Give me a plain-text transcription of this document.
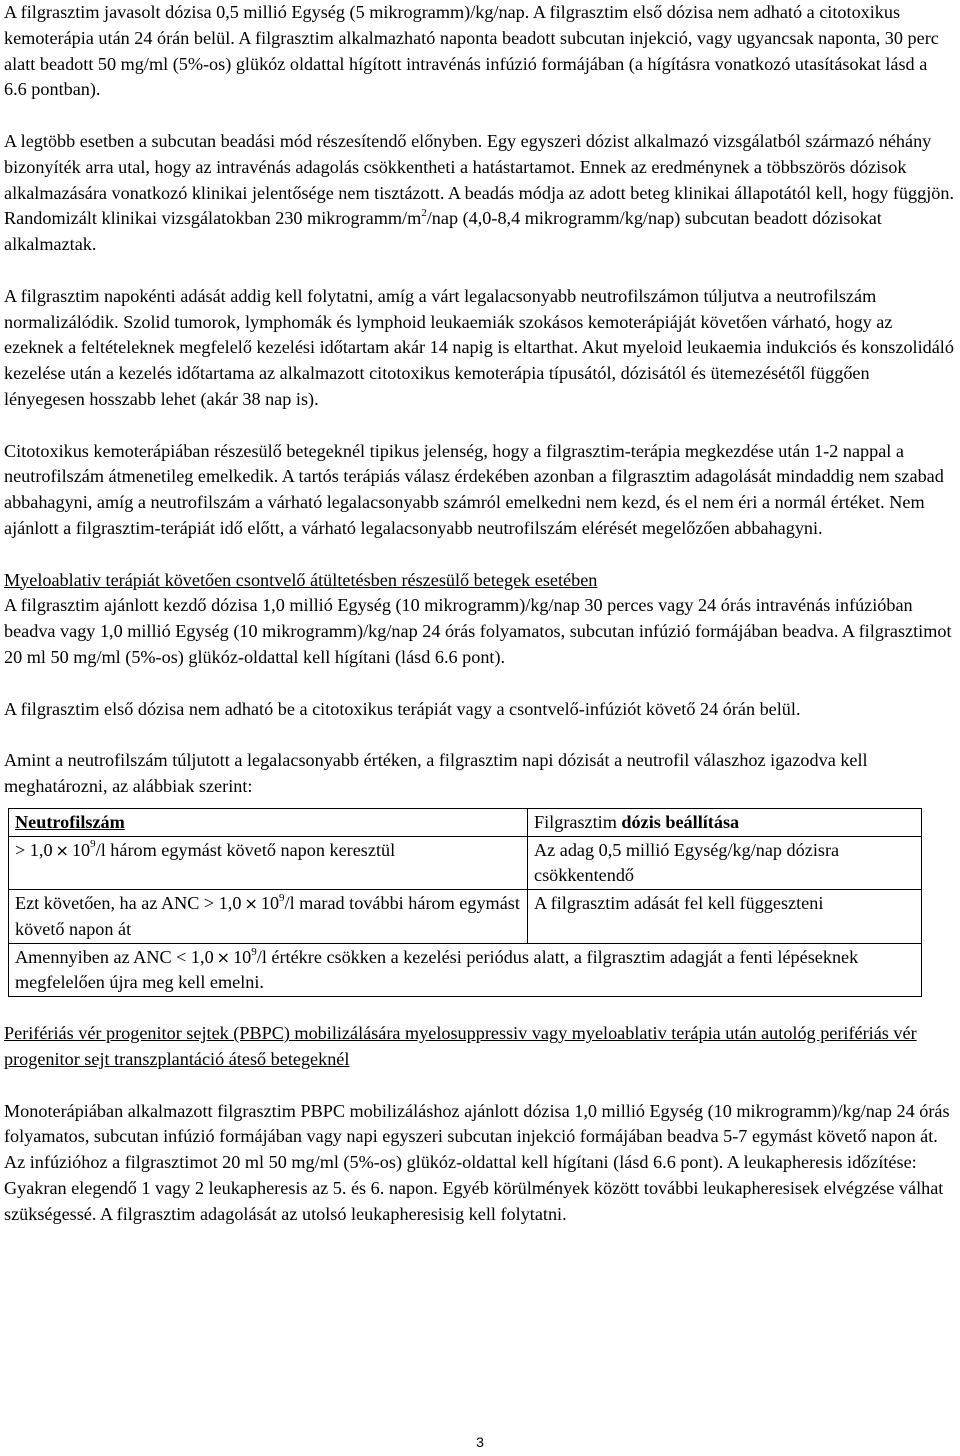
A filgrasztim javasolt dózisa 0,5 millió Egység (5 mikrogramm)/kg/nap. A filgrasztim első dózisa nem adható a citotoxikus kemoterápia után 24 órán belül. A filgrasztim alkalmazható naponta beadott subcutan injekció, vagy ugyancsak naponta, 30 perc alatt beadott 50 mg/ml (5%-os) glükóz oldattal hígított intravénás infúzió formájában (a hígításra vonatkozó utasításokat lásd a 6.6 pontban).

A legtöbb esetben a subcutan beadási mód részesítendő előnyben. Egy egyszeri dózist alkalmazó vizsgálatból származó néhány bizonyíték arra utal, hogy az intravénás adagolás csökkentheti a hatástartamot. Ennek az eredménynek a többszörös dózisok alkalmazására vonatkozó klinikai jelentősége nem tisztázott. A beadás módja az adott beteg klinikai állapotától kell, hogy függjön. Randomizált klinikai vizsgálatokban 230 mikrogramm/$m^2$/nap (4,0-8,4 mikrogramm/kg/nap) subcutan beadott dózisokat alkalmaztak.

A filgrasztim napokénti adását addig kell folytatni, amíg a várt legalacsonyabb neutrofilszámon túljutva a neutrofilszám normalizálódik. Szolid tumorok, lymphomák és lymphoid leukaemiák szokásos kemoterápiáját követően várható, hogy az ezeknek a feltételeknek megfelelő kezelési időtartam akár 14 napig is eltarthat. Akut myeloid leukaemia indukciós és konszolidáló kezelése után a kezelés időtartama az alkalmazott citotoxikus kemoterápia típusától, dózisától és ütemezésétől függően lényegesen hosszabb lehet (akár 38 nap is).

Citotoxikus kemoterápiában részesülő betegeknél tipikus jelenség, hogy a filgrasztim-terápia megkezdése után 1-2 nappal a neutrofilszám átmenetileg emelkedik. A tartós terápiás válasz érdekében azonban a filgrasztim adagolását mindaddig nem szabad abbahagyni, amíg a neutrofilszám a várható legalacsonyabb számról emelkedni nem kezd, és el nem éri a normál értéket. Nem ajánlott a filgrasztim-terápiát idő előtt, a várható legalacsonyabb neutrofilszám elérését megelőzően abbahagyni.

Myeloablativ terápiát követően csontvelő átültetésben részesülő betegek esetében

A filgrasztim ajánlott kezdő dózisa 1,0 millió Egység (10 mikrogramm)/kg/nap 30 perces vagy 24 órás intravénás infúzióban beadva vagy 1,0 millió Egység (10 mikrogramm)/kg/nap 24 órás folyamatos, subcutan infúzió formájában beadva. A filgrasztimot 20 ml 50 mg/ml (5%-os) glükóz-oldattal kell hígítani (lásd 6.6 pont).

A filgrasztim első dózisa nem adható be a citotoxikus terápiát vagy a csontvelő-infúziót követő 24 órán belül.

Amint a neutrofilszám túljutott a legalacsonyabb értéken, a filgrasztim napi dózisát a neutrofil válaszhoz igazodva kell meghatározni, az alábbiak szerint:

Neutrofilszám	Filgrasztim dózis beállítása
> $1,0 \times 10^9/l$ három egymást követő napon keresztül	Az adag 0,5 millió Egység/kg/nap dózisra csökkentendő
Ezt követően, ha az ANC > $1,0 \times 10^9/l$ marad további három egymást követő napon át	A filgrasztim adását fel kell függeszteni
Amennyiben az ANC < $1,0 \times 10^9/l$ értékre csökken a kezelési periódus alatt, a filgrasztim adagját a fenti lépéseknek megfelelően újra meg kell emelni.	

Perifériás vér progenitor sejtek (PBPC) mobilizálására myelosuppressiv vagy myeloablativ terápia után autológ perifériás vér progenitor sejt transzplantáció áteső betegeknél

Monoterápiában alkalmazott filgrasztim PBPC mobilizáláshoz ajánlott dózisa 1,0 millió Egység (10 mikrogramm)/kg/nap 24 órás folyamatos, subcutan infúzió formájában vagy napi egyszeri subcutan injekció formájában beadva 5-7 egymást követő napon át. Az infúzióhoz a filgrasztimot 20 ml 50 mg/ml (5%-os) glükóz-oldattal kell hígítani (lásd 6.6 pont). A leukapheresis időzítése: Gyakran elegendő 1 vagy 2 leukapheresis az 5. és 6. napon. Egyéb körülmények között további leukapheresisek elvégzése válhat szükségessé. A filgrasztim adagolását az utolsó leukapheresisig kell folytatni.

3
